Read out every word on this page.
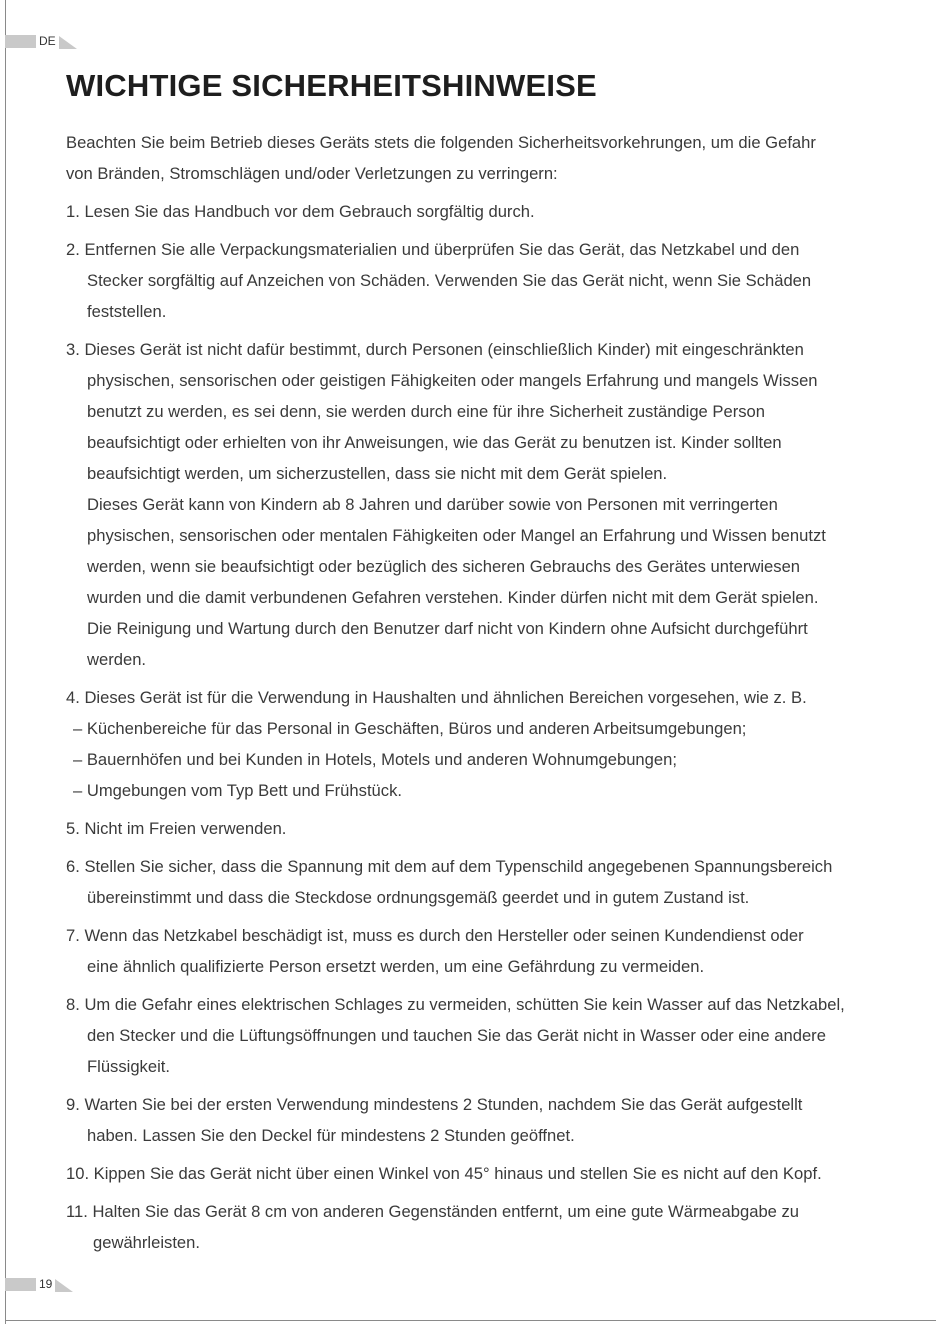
DE
WICHTIGE SICHERHEITSHINWEISE

Beachten Sie beim Betrieb dieses Geräts stets die folgenden Sicherheitsvorkehrungen, um die Gefahr

von Bränden, Stromschlägen und/oder Verletzungen zu verringern:

1. Lesen Sie das Handbuch vor dem Gebrauch sorgfältig durch.

2. Entfernen Sie alle Verpackungsmaterialien und überprüfen Sie das Gerät, das Netzkabel und den

Stecker sorgfältig auf Anzeichen von Schäden. Verwenden Sie das Gerät nicht, wenn Sie Schäden

feststellen.

3. Dieses Gerät ist nicht dafür bestimmt, durch Personen (einschließlich Kinder) mit eingeschränkten

physischen, sensorischen oder geistigen Fähigkeiten oder mangels Erfahrung und mangels Wissen

benutzt zu werden, es sei denn, sie werden durch eine für ihre Sicherheit zuständige Person

beaufsichtigt oder erhielten von ihr Anweisungen, wie das Gerät zu benutzen ist. Kinder sollten

beaufsichtigt werden, um sicherzustellen, dass sie nicht mit dem Gerät spielen.

Dieses Gerät kann von Kindern ab 8 Jahren und darüber sowie von Personen mit verringerten

physischen, sensorischen oder mentalen Fähigkeiten oder Mangel an Erfahrung und Wissen benutzt

werden, wenn sie beaufsichtigt oder bezüglich des sicheren Gebrauchs des Gerätes unterwiesen

wurden und die damit verbundenen Gefahren verstehen. Kinder dürfen nicht mit dem Gerät spielen.

Die Reinigung und Wartung durch den Benutzer darf nicht von Kindern ohne Aufsicht durchgeführt

werden.

4. Dieses Gerät ist für die Verwendung in Haushalten und ähnlichen Bereichen vorgesehen, wie z. B.

– Küchenbereiche für das Personal in Geschäften, Büros und anderen Arbeitsumgebungen;

– Bauernhöfen und bei Kunden in Hotels, Motels und anderen Wohnumgebungen;

– Umgebungen vom Typ Bett und Frühstück.

5. Nicht im Freien verwenden.

6. Stellen Sie sicher, dass die Spannung mit dem auf dem Typenschild angegebenen Spannungsbereich

übereinstimmt und dass die Steckdose ordnungsgemäß geerdet und in gutem Zustand ist.

7. Wenn das Netzkabel beschädigt ist, muss es durch den Hersteller oder seinen Kundendienst oder

eine ähnlich qualifizierte Person ersetzt werden, um eine Gefährdung zu vermeiden.

8. Um die Gefahr eines elektrischen Schlages zu vermeiden, schütten Sie kein Wasser auf das Netzkabel,

den Stecker und die Lüftungsöffnungen und tauchen Sie das Gerät nicht in Wasser oder eine andere

Flüssigkeit.

9. Warten Sie bei der ersten Verwendung mindestens 2 Stunden, nachdem Sie das Gerät aufgestellt

haben. Lassen Sie den Deckel für mindestens 2 Stunden geöffnet.

10. Kippen Sie das Gerät nicht über einen Winkel von 45° hinaus und stellen Sie es nicht auf den Kopf.

11. Halten Sie das Gerät 8 cm von anderen Gegenständen entfernt, um eine gute Wärmeabgabe zu

gewährleisten.

19
